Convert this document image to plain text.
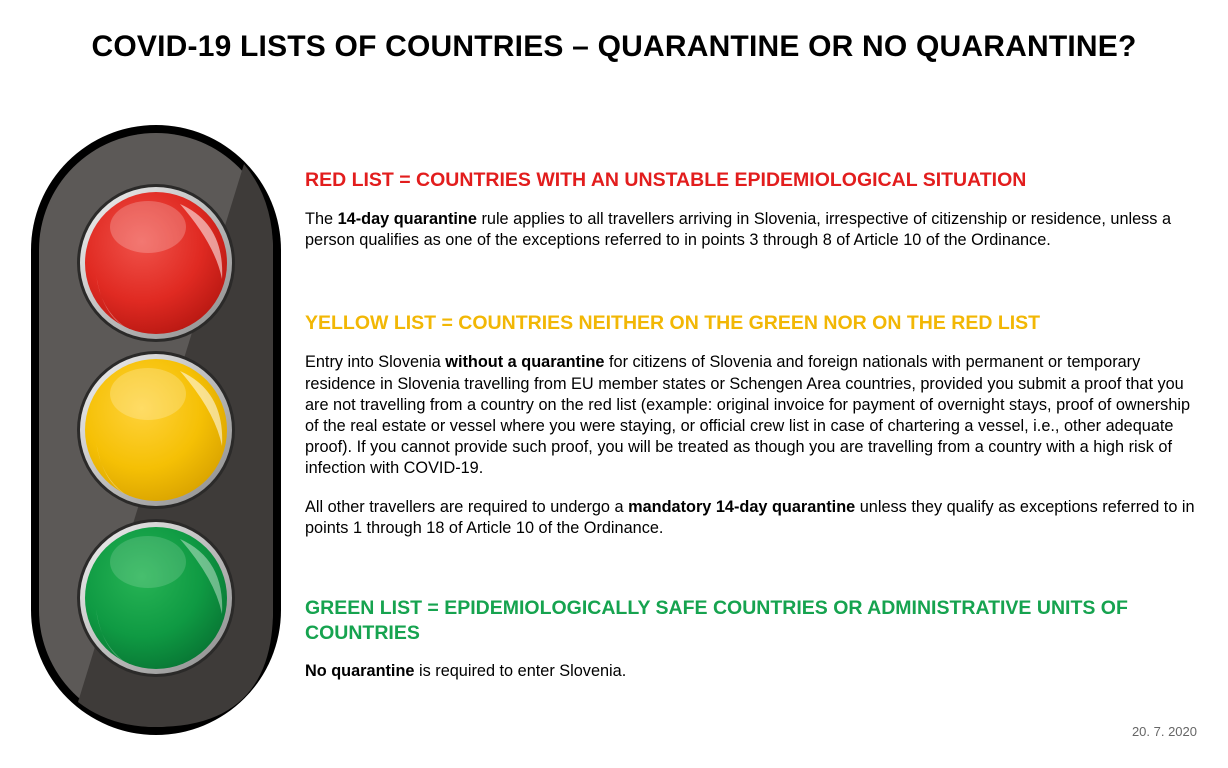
COVID-19 LISTS OF COUNTRIES – QUARANTINE OR NO QUARANTINE?
RED LIST = COUNTRIES WITH AN UNSTABLE EPIDEMIOLOGICAL SITUATION

The 14-day quarantine rule applies to all travellers arriving in Slovenia, irrespective of citizenship or residence, unless a person qualifies as one of the exceptions referred to in points 3 through 8 of Article 10 of the Ordinance.

YELLOW LIST = COUNTRIES NEITHER ON THE GREEN NOR ON THE RED LIST

Entry into Slovenia without a quarantine for citizens of Slovenia and foreign nationals with permanent or temporary residence in Slovenia travelling from EU member states or Schengen Area countries, provided you submit a proof that you are not travelling from a country on the red list (example: original invoice for payment of overnight stays, proof of ownership of the real estate or vessel where you were staying, or official crew list in case of chartering a vessel, i.e., other adequate proof). If you cannot provide such proof, you will be treated as though you are travelling from a country with a high risk of infection with COVID-19.

All other travellers are required to undergo a mandatory 14-day quarantine unless they qualify as exceptions referred to in points 1 through 18 of Article 10 of the Ordinance.

GREEN LIST = EPIDEMIOLOGICALLY SAFE COUNTRIES OR ADMINISTRATIVE UNITS OF COUNTRIES

No quarantine is required to enter Slovenia.

20. 7. 2020
